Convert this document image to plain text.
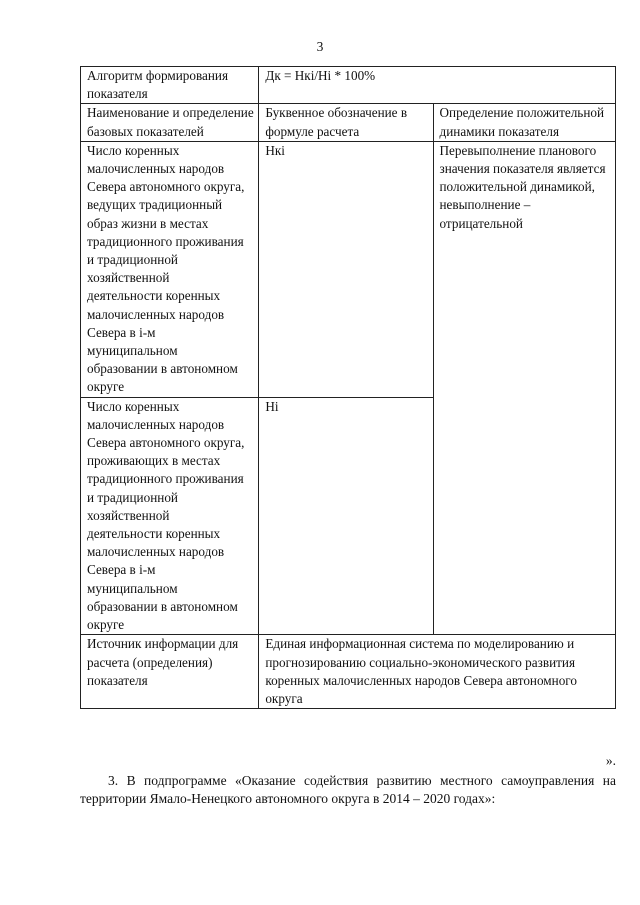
3
Алгоритм формирования показателя	Дк = Нкi/Hi * 100%	
Наименование и определение базовых показателей	Буквенное обозначение в формуле расчета	Определение положительной динамики показателя

Число коренных малочисленных народов Севера автономного округа, ведущих традиционный образ жизни в местах традиционного проживания и традиционной хозяйственной деятельности коренных малочисленных народов Севера в i-м муниципальном образовании в автономном округе	Нкi	Перевыполнение планового значения показателя является положительной динамикой, невыполнение – отрицательной

Число коренных малочисленных народов Севера автономного округа, проживающих в местах традиционного проживания и традиционной хозяйственной деятельности коренных малочисленных народов Севера в i-м муниципальном образовании в автономном округе	Hi	
Источник информации для расчета (определения) показателя	Единая информационная система по моделированию и прогнозированию социально-экономического развития коренных малочисленных народов Севера автономного округа	
».
3. В подпрограмме «Оказание содействия развитию местного самоуправления на территории Ямало-Ненецкого автономного округа в 2014 – 2020 годах»:
